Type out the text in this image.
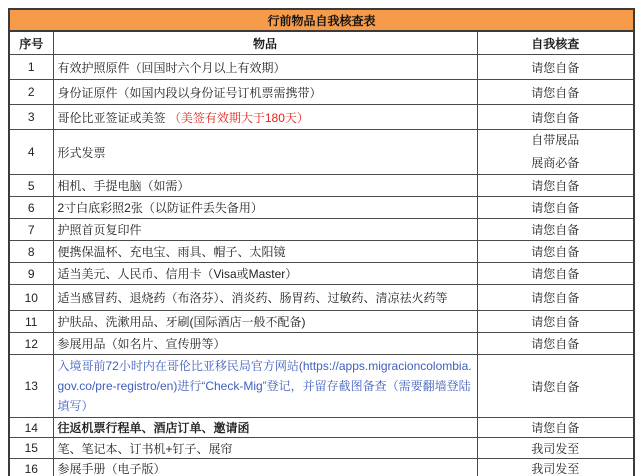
行前物品自我核查表		
序号	物品	自我核查
1	有效护照原件（回国时六个月以上有效期）	请您自备
2	身份证原件（如国内段以身份证号订机票需携带）	请您自备
3	哥伦比亚签证或美签 （美签有效期大于180天）	请您自备
4	形式发票	自带展品
展商必备

5	相机、手提电脑（如需）	请您自备
6	2寸白底彩照2张（以防证件丢失备用）	请您自备
7	护照首页复印件	请您自备
8	便携保温杯、充电宝、雨具、帽子、太阳镜	请您自备
9	适当美元、人民币、信用卡（Visa或Master）	请您自备
10	适当感冒药、退烧药（布洛芬）、消炎药、肠胃药、过敏药、清凉祛火药等	请您自备
11	护肤品、洗漱用品、牙刷(国际酒店一般不配备)	请您自备
12	参展用品（如名片、宣传册等）	请您自备
13	入境哥前72小时内在哥伦比亚移民局官方网站(https://apps.migracioncolombia.gov.co/pre-registro/en)进行“Check-Mig”登记，并留存截图备查（需要翻墙登陆填写）	请您自备
14	往返机票行程单、酒店订单、邀请函	请您自备
15	笔、笔记本、订书机+钉子、展帘	我司发至
16	参展手册（电子版）	我司发至
